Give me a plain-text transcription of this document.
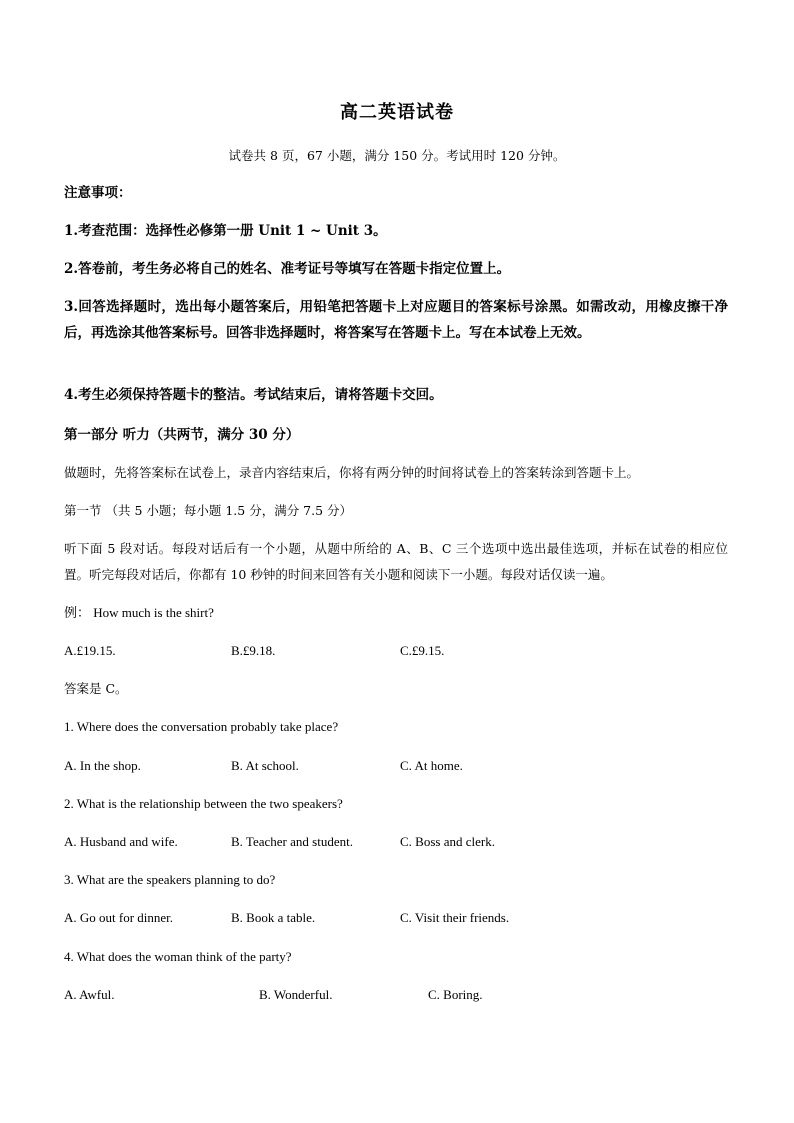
高二英语试卷
试卷共 8 页，67 小题，满分 150 分。考试用时 120 分钟。
注意事项：
1.考查范围：选择性必修第一册 Unit 1 ~ Unit 3。
2.答卷前，考生务必将自己的姓名、准考证号等填写在答题卡指定位置上。
3.回答选择题时，选出每小题答案后，用铅笔把答题卡上对应题目的答案标号涂黑。如需改动，用橡皮擦干净后，再选涂其他答案标号。回答非选择题时，将答案写在答题卡上。写在本试卷上无效。
4.考生必须保持答题卡的整洁。考试结束后，请将答题卡交回。
第一部分 听力（共两节，满分 30 分）
做题时，先将答案标在试卷上，录音内容结束后，你将有两分钟的时间将试卷上的答案转涂到答题卡上。
第一节 （共 5 小题；每小题 1.5 分，满分 7.5 分）
听下面 5 段对话。每段对话后有一个小题，从题中所给的 A、B、C 三个选项中选出最佳选项，并标在试卷的相应位置。听完每段对话后，你都有 10 秒钟的时间来回答有关小题和阅读下一小题。每段对话仅读一遍。
例： How much is the shirt?
A.£19.15.	B.£9.18.	C.£9.15.
答案是 C。
1. Where does the conversation probably take place?
A. In the shop.	B. At school.	C. At home.
2. What is the relationship between the two speakers?
A. Husband and wife.	B. Teacher and student.	C. Boss and clerk.
3. What are the speakers planning to do?
A. Go out for dinner.	B. Book a table.	C. Visit their friends.
4. What does the woman think of the party?
A. Awful.	B. Wonderful.	C. Boring.
